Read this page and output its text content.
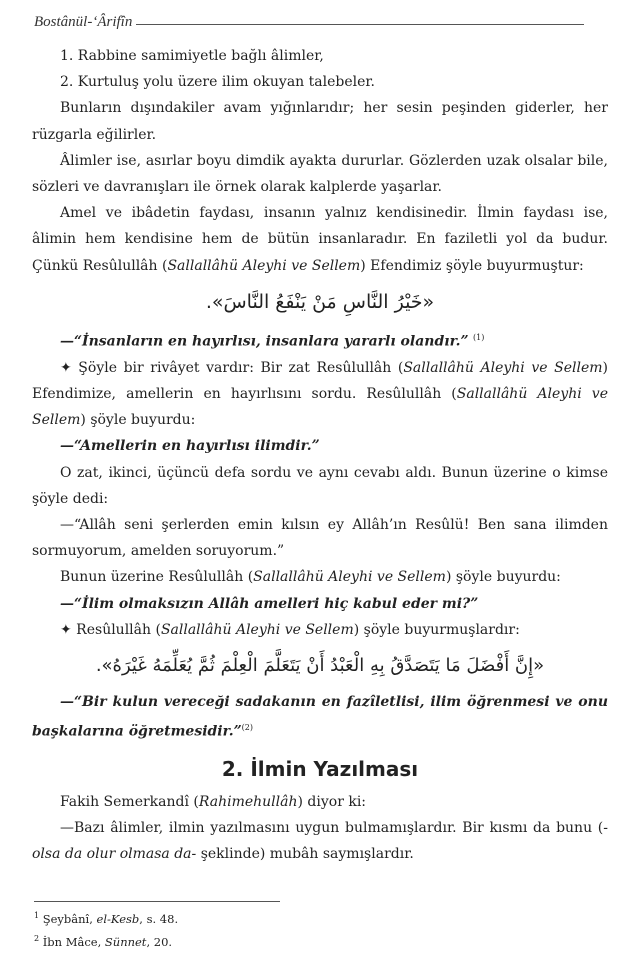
Bostânül-‘Ârifîn

1. Rabbine samimiyetle bağlı âlimler,

2. Kurtuluş yolu üzere ilim okuyan talebeler.

Bunların dışındakiler avam yığınlarıdır; her sesin peşinden giderler, her rüzgarla eğilirler.

Âlimler ise, asırlar boyu dimdik ayakta dururlar. Gözlerden uzak olsalar bile, sözleri ve davranışları ile örnek olarak kalplerde yaşarlar.

Amel ve ibâdetin faydası, insanın yalnız kendisinedir. İlmin faydası ise, âlimin hem kendisine hem de bütün insanlaradır. En faziletli yol da budur. Çünkü Resûlullâh (Sallallâhü Aleyhi ve Sellem) Efendimiz şöyle buyurmuştur:

«خَيْرُ النَّاسِ مَنْ يَنْفَعُ النَّاسَ».

—“İnsanların en hayırlısı, insanlara yararlı olandır.” $^{(1)}$

✦ Şöyle bir rivâyet vardır: Bir zat Resûlullâh (Sallallâhü Aleyhi ve Sellem) Efendimize, amellerin en hayırlısını sordu. Resûlullâh (Sallallâhü Aleyhi ve Sellem) şöyle buyurdu:

—“Amellerin en hayırlısı ilimdir.”

O zat, ikinci, üçüncü defa sordu ve aynı cevabı aldı. Bunun üzerine o kimse şöyle dedi:

—“Allâh seni şerlerden emin kılsın ey Allâh’ın Resûlü! Ben sana ilimden sormuyorum, amelden soruyorum.”

Bunun üzerine Resûlullâh (Sallallâhü Aleyhi ve Sellem) şöyle buyurdu:

—“İlim olmaksızın Allâh amelleri hiç kabul eder mi?”

✦ Resûlullâh (Sallallâhü Aleyhi ve Sellem) şöyle buyurmuşlardır:

«إِنَّ أَفْضَلَ مَا يَتَصَدَّقُ بِهِ الْعَبْدُ أَنْ يَتَعَلَّمَ الْعِلْمَ ثُمَّ يُعَلِّمَهُ غَيْرَهُ».

—“Bir kulun vereceği sadakanın en fazîletlisi, ilim öğrenmesi ve onu başkalarına öğretmesidir.”$^{(2)}$

2. İlmin Yazılması

Fakih Semerkandî (Rahimehullâh) diyor ki:

—Bazı âlimler, ilmin yazılmasını uygun bulmamışlardır. Bir kısmı da bunu (-olsa da olur olmasa da- şeklinde) mubâh saymışlardır.

$^1$ Şeybânî, el-Kesb, s. 48.
$^2$ İbn Mâce, Sünnet, 20.
